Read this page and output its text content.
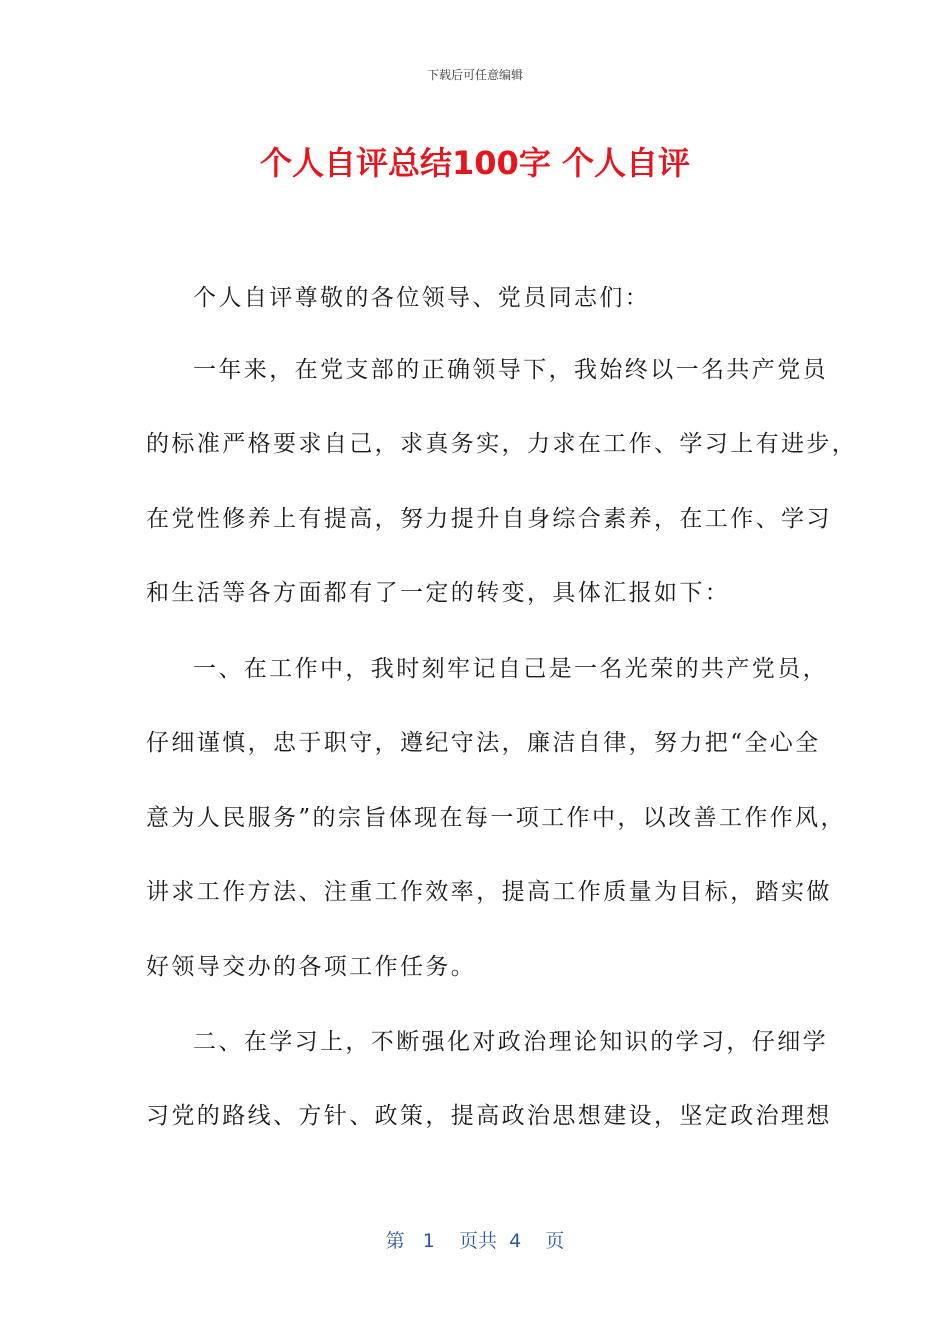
下载后可任意编辑
个人自评总结100字 个人自评
个人自评尊敬的各位领导、党员同志们：
一年来，在党支部的正确领导下，我始终以一名共产党员
的标准严格要求自己，求真务实，力求在工作、学习上有进步，
在党性修养上有提高，努力提升自身综合素养，在工作、学习
和生活等各方面都有了一定的转变，具体汇报如下：
一、在工作中，我时刻牢记自己是一名光荣的共产党员，
仔细谨慎，忠于职守，遵纪守法，廉洁自律，努力把“全心全
意为人民服务”的宗旨体现在每一项工作中，以改善工作作风，
讲求工作方法、注重工作效率，提高工作质量为目标，踏实做
好领导交办的各项工作任务。
二、在学习上，不断强化对政治理论知识的学习，仔细学
习党的路线、方针、政策，提高政治思想建设，坚定政治理想
第 1 页共 4 页
